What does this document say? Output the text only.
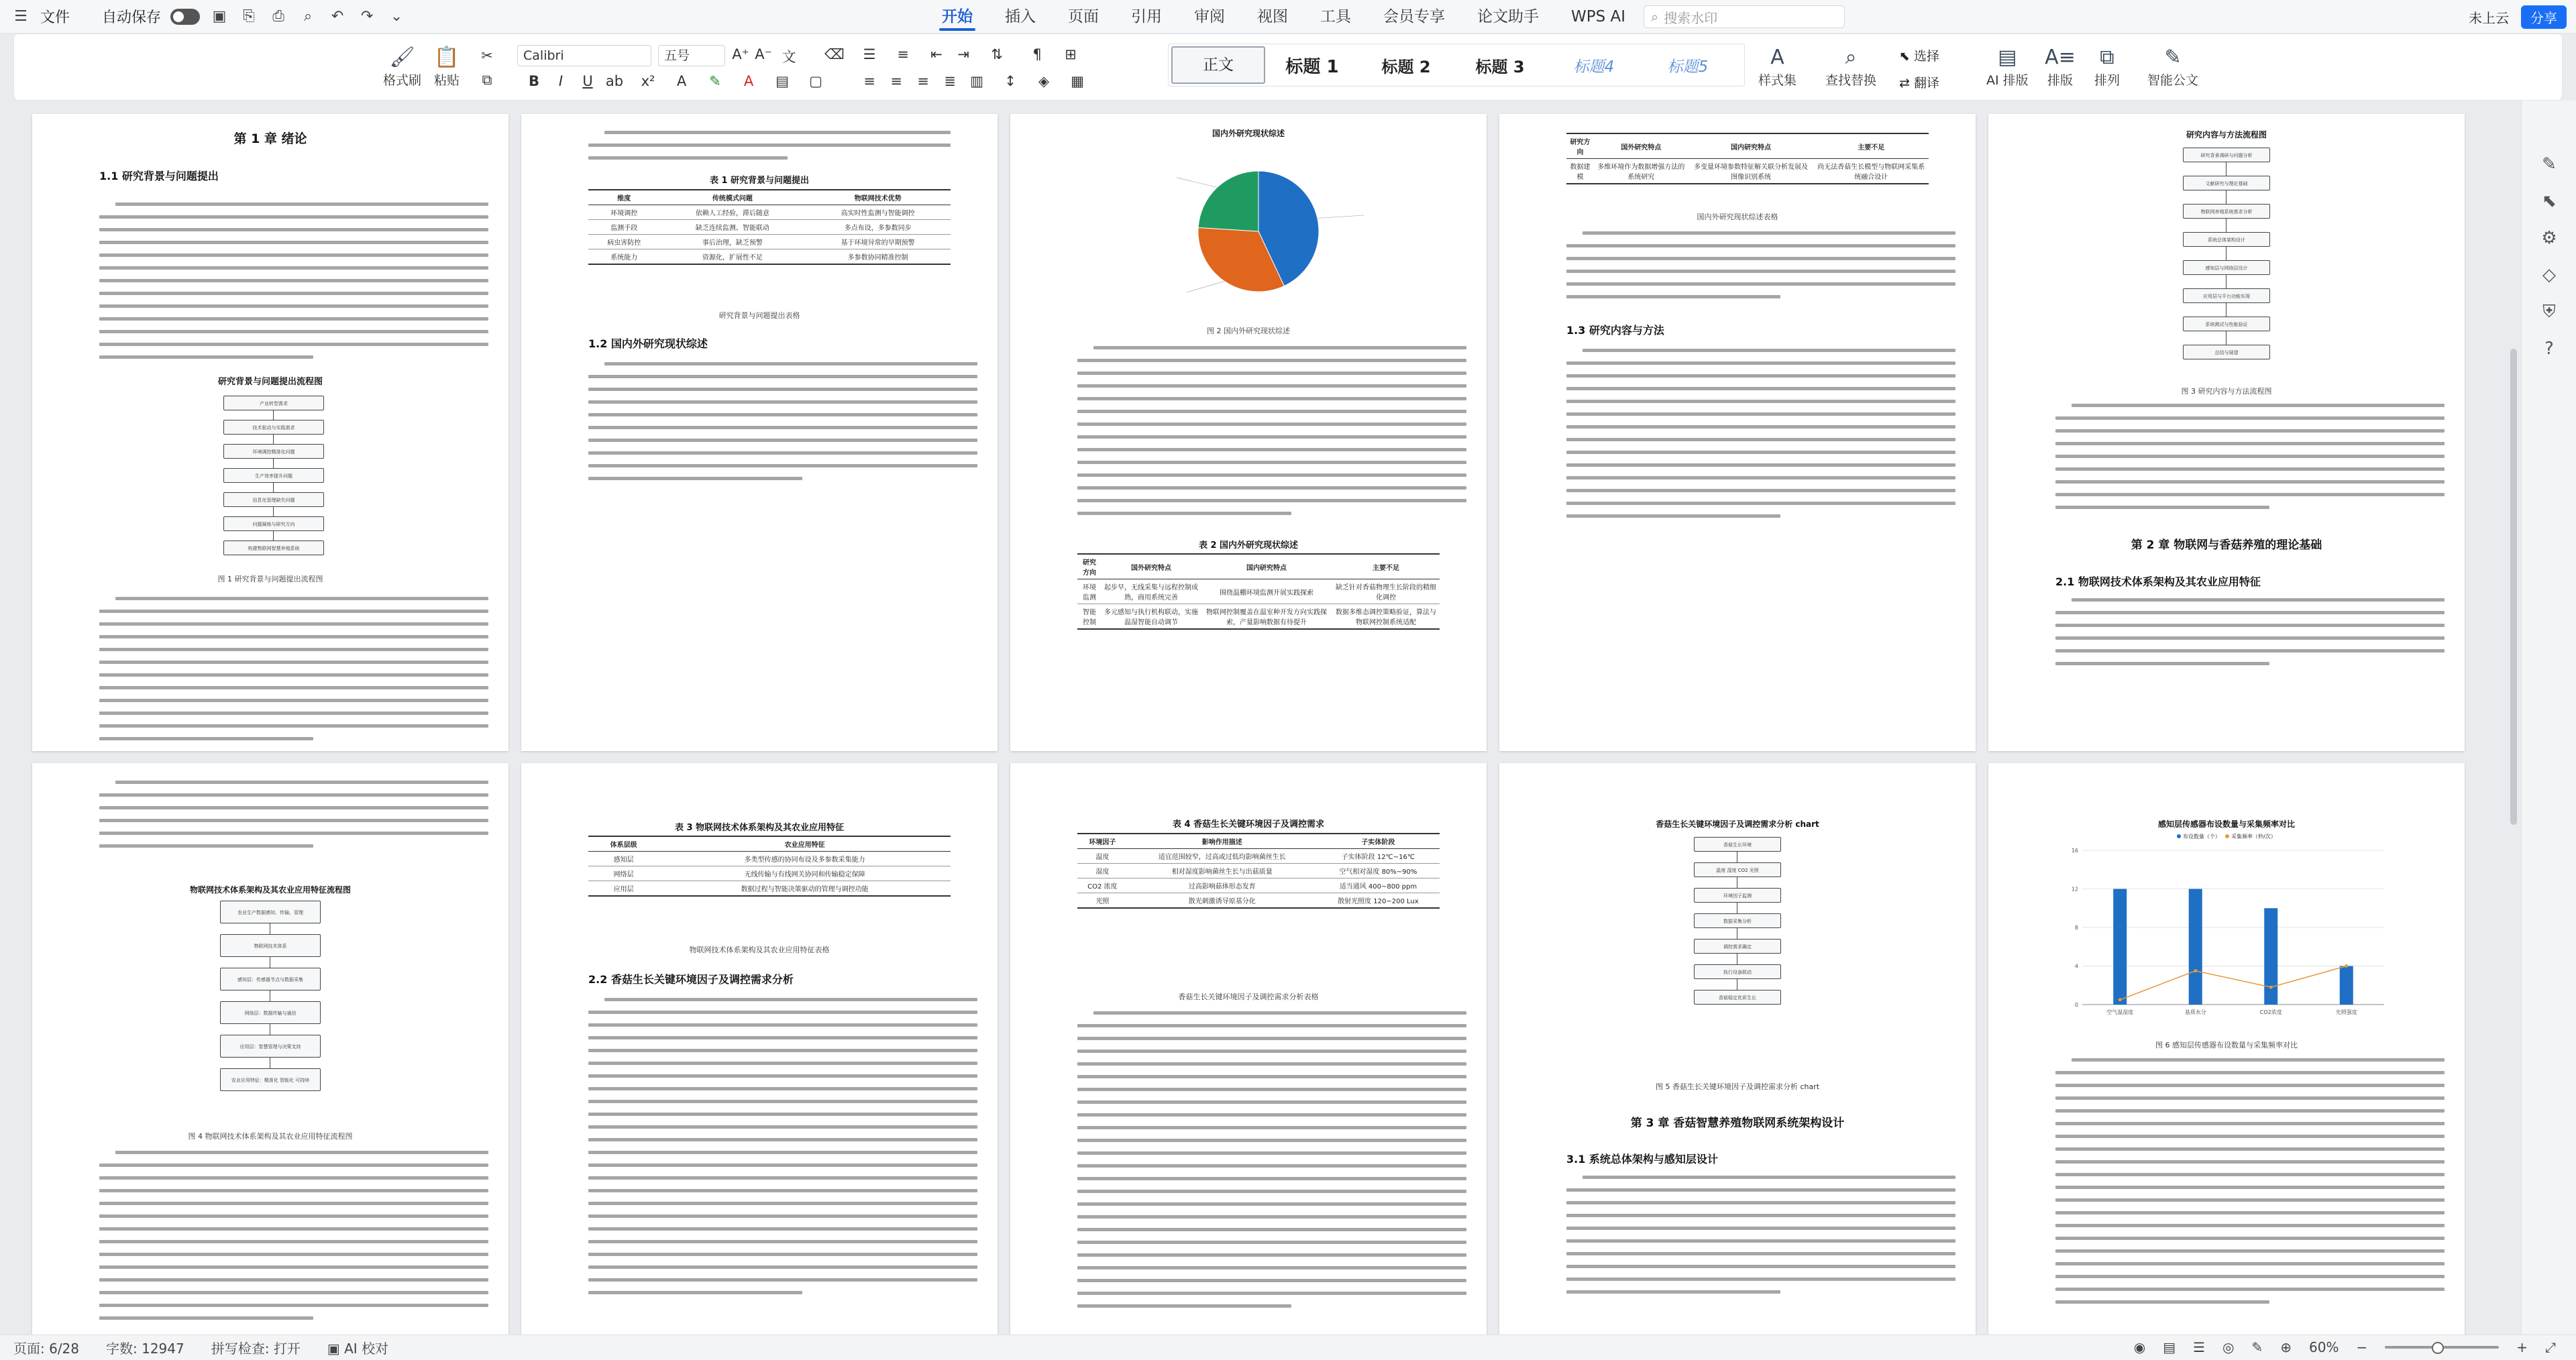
☰ 文件 自动保存	▣ ⎘ ⎙	⌕	↶ ↷ ⌄	开始	插入	页面	引用	审阅	视图	工具	会员专享	论文助手	WPS AI	⌕ 搜索水印	未上云	分享
🖌
格式刷
📋
粘贴
✂
⧉
Calibri	五号	A⁺ A⁻ 文 ⌫
B	I	U ab x²	A	✎	A	▤ ▢
☰ ≡ ⇤ ⇥ ⇅	¶	⊞
≡ ≡ ≡ ≣ ▥ ↕	◈	▦
正文	标题 1	标题 2	标题 3	标题4	标题5	A
样式集
⌕
查找替换
⬉ 选择
⇄ 翻译
▤
AI 排版
A≡
排版
⧉
排列
✎
智能公文
✎
⬉
⚙
◇
⛨
?
第 1 章 绪论
1.1 研究背景与问题提出
研究背景与问题提出流程图
产业转型需求
技术驱动与实践需求
环境调控精准化问题
生产效率提升问题
信息化管理缺失问题
问题凝练与研究方向
构建物联网智慧养殖系统
图 1 研究背景与问题提出流程图
表 1 研究背景与问题提出
维度	传统模式问题	物联网技术优势
环境调控	依赖人工经验，滞后随意	高实时性监测与智能调控
监测手段	缺乏连续监测、智能联动	多点布设，多参数同步
病虫害防控	事后治理，缺乏预警	基于环境异常的早期预警
系统能力	资源化，扩展性不足	多参数协同精准控制
研究背景与问题提出表格
1.2 国内外研究现状综述
国内外研究现状综述
图 2 国内外研究现状综述
表 2 国内外研究现状综述
研究方向	国外研究特点	国内研究特点	主要不足
环境监测	起步早，无线采集与远程控制成熟，商用系统完善	围绕温棚环境监测开展实践探索	缺乏针对香菇物理生长阶段的精细化调控
智能控制	多元感知与执行机构联动，实施温湿智能自动调节	物联网控制覆盖在温室种开发方向实践探索，产量影响数据有待提升	数据多维态调控策略验证，算法与物联网控制系统适配
研究方向	国外研究特点	国内研究特点	主要不足
数据建模	多维环境作为数据增强方法的系统研究	多变量环境参数特征解关联分析发展及图像识别系统	尚无法香菇生长模型与物联网采集系统融合设计
国内外研究现状综述表格
1.3 研究内容与方法
研究内容与方法流程图
研究背景调研与问题分析
文献研究与理论基础
物联网养殖系统需求分析
系统总体架构设计
感知层与网络层设计
应用层与平台功能实现
系统测试与性能验证
总结与展望
图 3 研究内容与方法流程图
第 2 章 物联网与香菇养殖的理论基础
2.1 物联网技术体系架构及其农业应用特征
物联网技术体系架构及其农业应用特征流程图
农业生产数据感知、传输、管理
物联网技术体系
感知层：传感器节点与数据采集
网络层：数据传输与通信
应用层：智慧管理与决策支持
农业应用特征：精准化 智能化 可持续
图 4 物联网技术体系架构及其农业应用特征流程图
表 3 物联网技术体系架构及其农业应用特征
体系层级	农业应用特征
感知层	多类型传感的协同布设及多参数采集能力
网络层	无线传输与有线网关协同和传输稳定保障
应用层	数据过程与智能决策驱动的管理与调控功能
物联网技术体系架构及其农业应用特征表格
2.2 香菇生长关键环境因子及调控需求分析
表 4 香菇生长关键环境因子及调控需求
环境因子	影响作用描述	子实体阶段
温度	适宜范围较窄，过高或过低均影响菌丝生长	子实体阶段 12℃~16℃
湿度	相对湿度影响菌丝生长与出菇质量	空气相对湿度 80%~90%
CO2 浓度	过高影响菇体形态发育	适当通风 400~800 ppm
光照	散光刺激诱导原基分化	散射光照度 120~200 Lux
香菇生长关键环境因子及调控需求分析表格
香菇生长关键环境因子及调控需求分析 chart
香菇生长环境
温度 湿度 CO2 光照
环境因子监测
数据采集分析
调控需求确定
执行设备联动
香菇稳定优质生长
图 5 香菇生长关键环境因子及调控需求分析 chart
第 3 章 香菇智慧养殖物联网系统架构设计
3.1 系统总体架构与感知层设计
感知层传感器布设数量与采集频率对比
布设数量（个） 采集频率（秒/次）
0
4
8
12
16
空气温湿度	基质水分	CO2浓度	光照强度
图 6 感知层传感器布设数量与采集频率对比
页面: 6/28 字数: 12947 拼写检查: 打开 ▣ AI 校对	◉ ▤ ☰ ◎ ✎ ⊕ 60% −	+ ⤢
